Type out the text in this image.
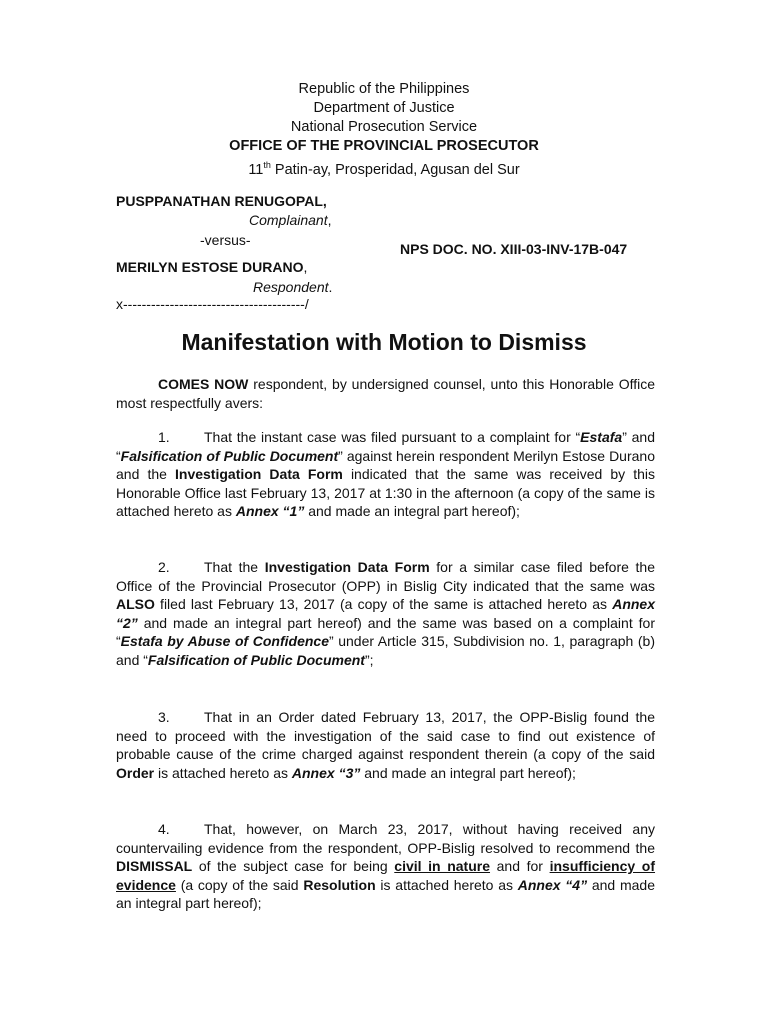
Republic of the Philippines
Department of Justice
National Prosecution Service
OFFICE OF THE PROVINCIAL PROSECUTOR
11th Patin-ay, Prosperidad, Agusan del Sur
PUSPPANATHAN RENUGOPAL,
Complainant,
-versus-
NPS DOC. NO. XIII-03-INV-17B-047
MERILYN ESTOSE DURANO,
Respondent.
x---------------------------------------/
Manifestation with Motion to Dismiss
COMES NOW respondent, by undersigned counsel, unto this Honorable Office most respectfully avers:
1. That the instant case was filed pursuant to a complaint for “Estafa” and “Falsification of Public Document” against herein respondent Merilyn Estose Durano and the Investigation Data Form indicated that the same was received by this Honorable Office last February 13, 2017 at 1:30 in the afternoon (a copy of the same is attached hereto as Annex “1” and made an integral part hereof);
2. That the Investigation Data Form for a similar case filed before the Office of the Provincial Prosecutor (OPP) in Bislig City indicated that the same was ALSO filed last February 13, 2017 (a copy of the same is attached hereto as Annex “2” and made an integral part hereof) and the same was based on a complaint for “Estafa by Abuse of Confidence” under Article 315, Subdivision no. 1, paragraph (b) and “Falsification of Public Document”;
3. That in an Order dated February 13, 2017, the OPP-Bislig found the need to proceed with the investigation of the said case to find out existence of probable cause of the crime charged against respondent therein (a copy of the said Order is attached hereto as Annex “3” and made an integral part hereof);
4. That, however, on March 23, 2017, without having received any countervailing evidence from the respondent, OPP-Bislig resolved to recommend the DISMISSAL of the subject case for being civil in nature and for insufficiency of evidence (a copy of the said Resolution is attached hereto as Annex “4” and made an integral part hereof);
